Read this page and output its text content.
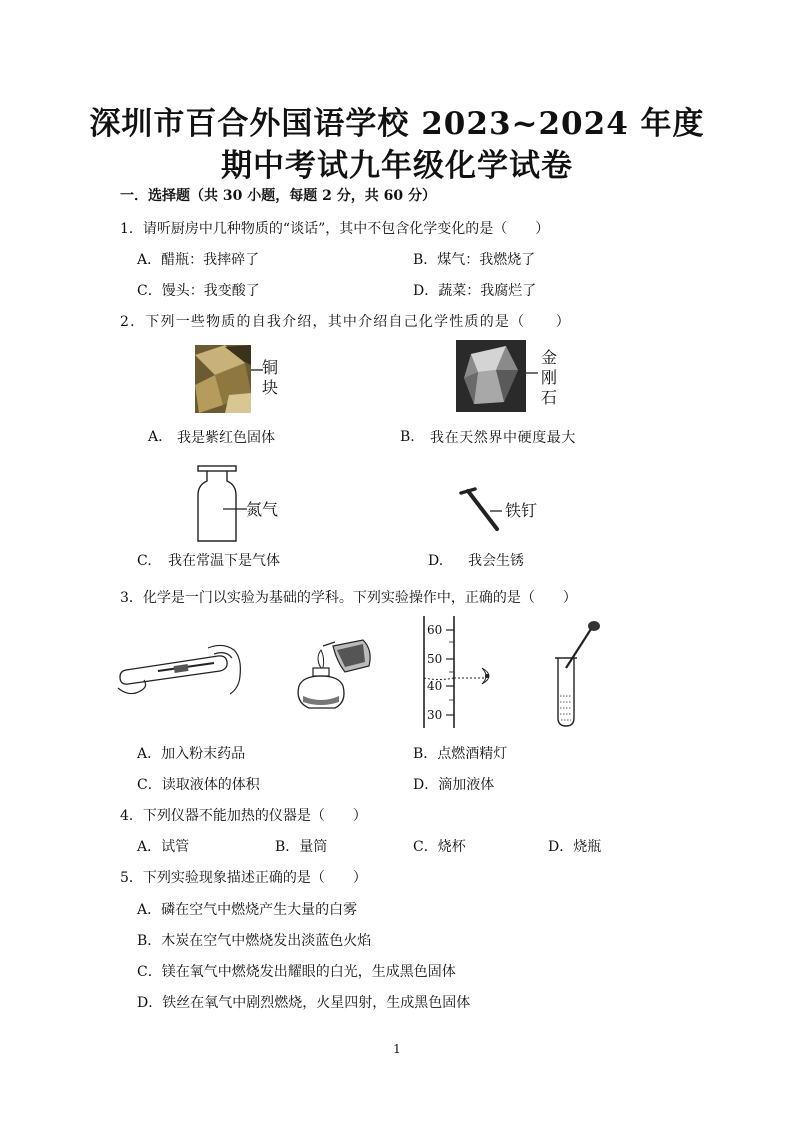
深圳市百合外国语学校 2023~2024 年度
期中考试九年级化学试卷
一．选择题（共 30 小题，每题 2 分，共 60 分）
1．请听厨房中几种物质的“谈话”，其中不包含化学变化的是（　　）
A．醋瓶：我摔碎了	B．煤气：我燃烧了
C．馒头：我变酸了	D．蔬菜：我腐烂了
2．下列一些物质的自我介绍，其中介绍自己化学性质的是（　　）
铜块
金刚石
A. 我是紫红色固体	B. 我在天然界中硬度最大
氮气	铁钉
C. 我在常温下是气体	D. 我会生锈
3．化学是一门以实验为基础的学科。下列实验操作中，正确的是（　　）
60
50
40
30
A．加入粉末药品	B．点燃酒精灯
C．读取液体的体积	D．滴加液体
4．下列仪器不能加热的仪器是（　　）
A．试管	B．量筒	C．烧杯	D．烧瓶
5．下列实验现象描述正确的是（　　）
A．磷在空气中燃烧产生大量的白雾
B．木炭在空气中燃烧发出淡蓝色火焰
C．镁在氧气中燃烧发出耀眼的白光，生成黑色固体
D．铁丝在氧气中剧烈燃烧，火星四射，生成黑色固体
1
